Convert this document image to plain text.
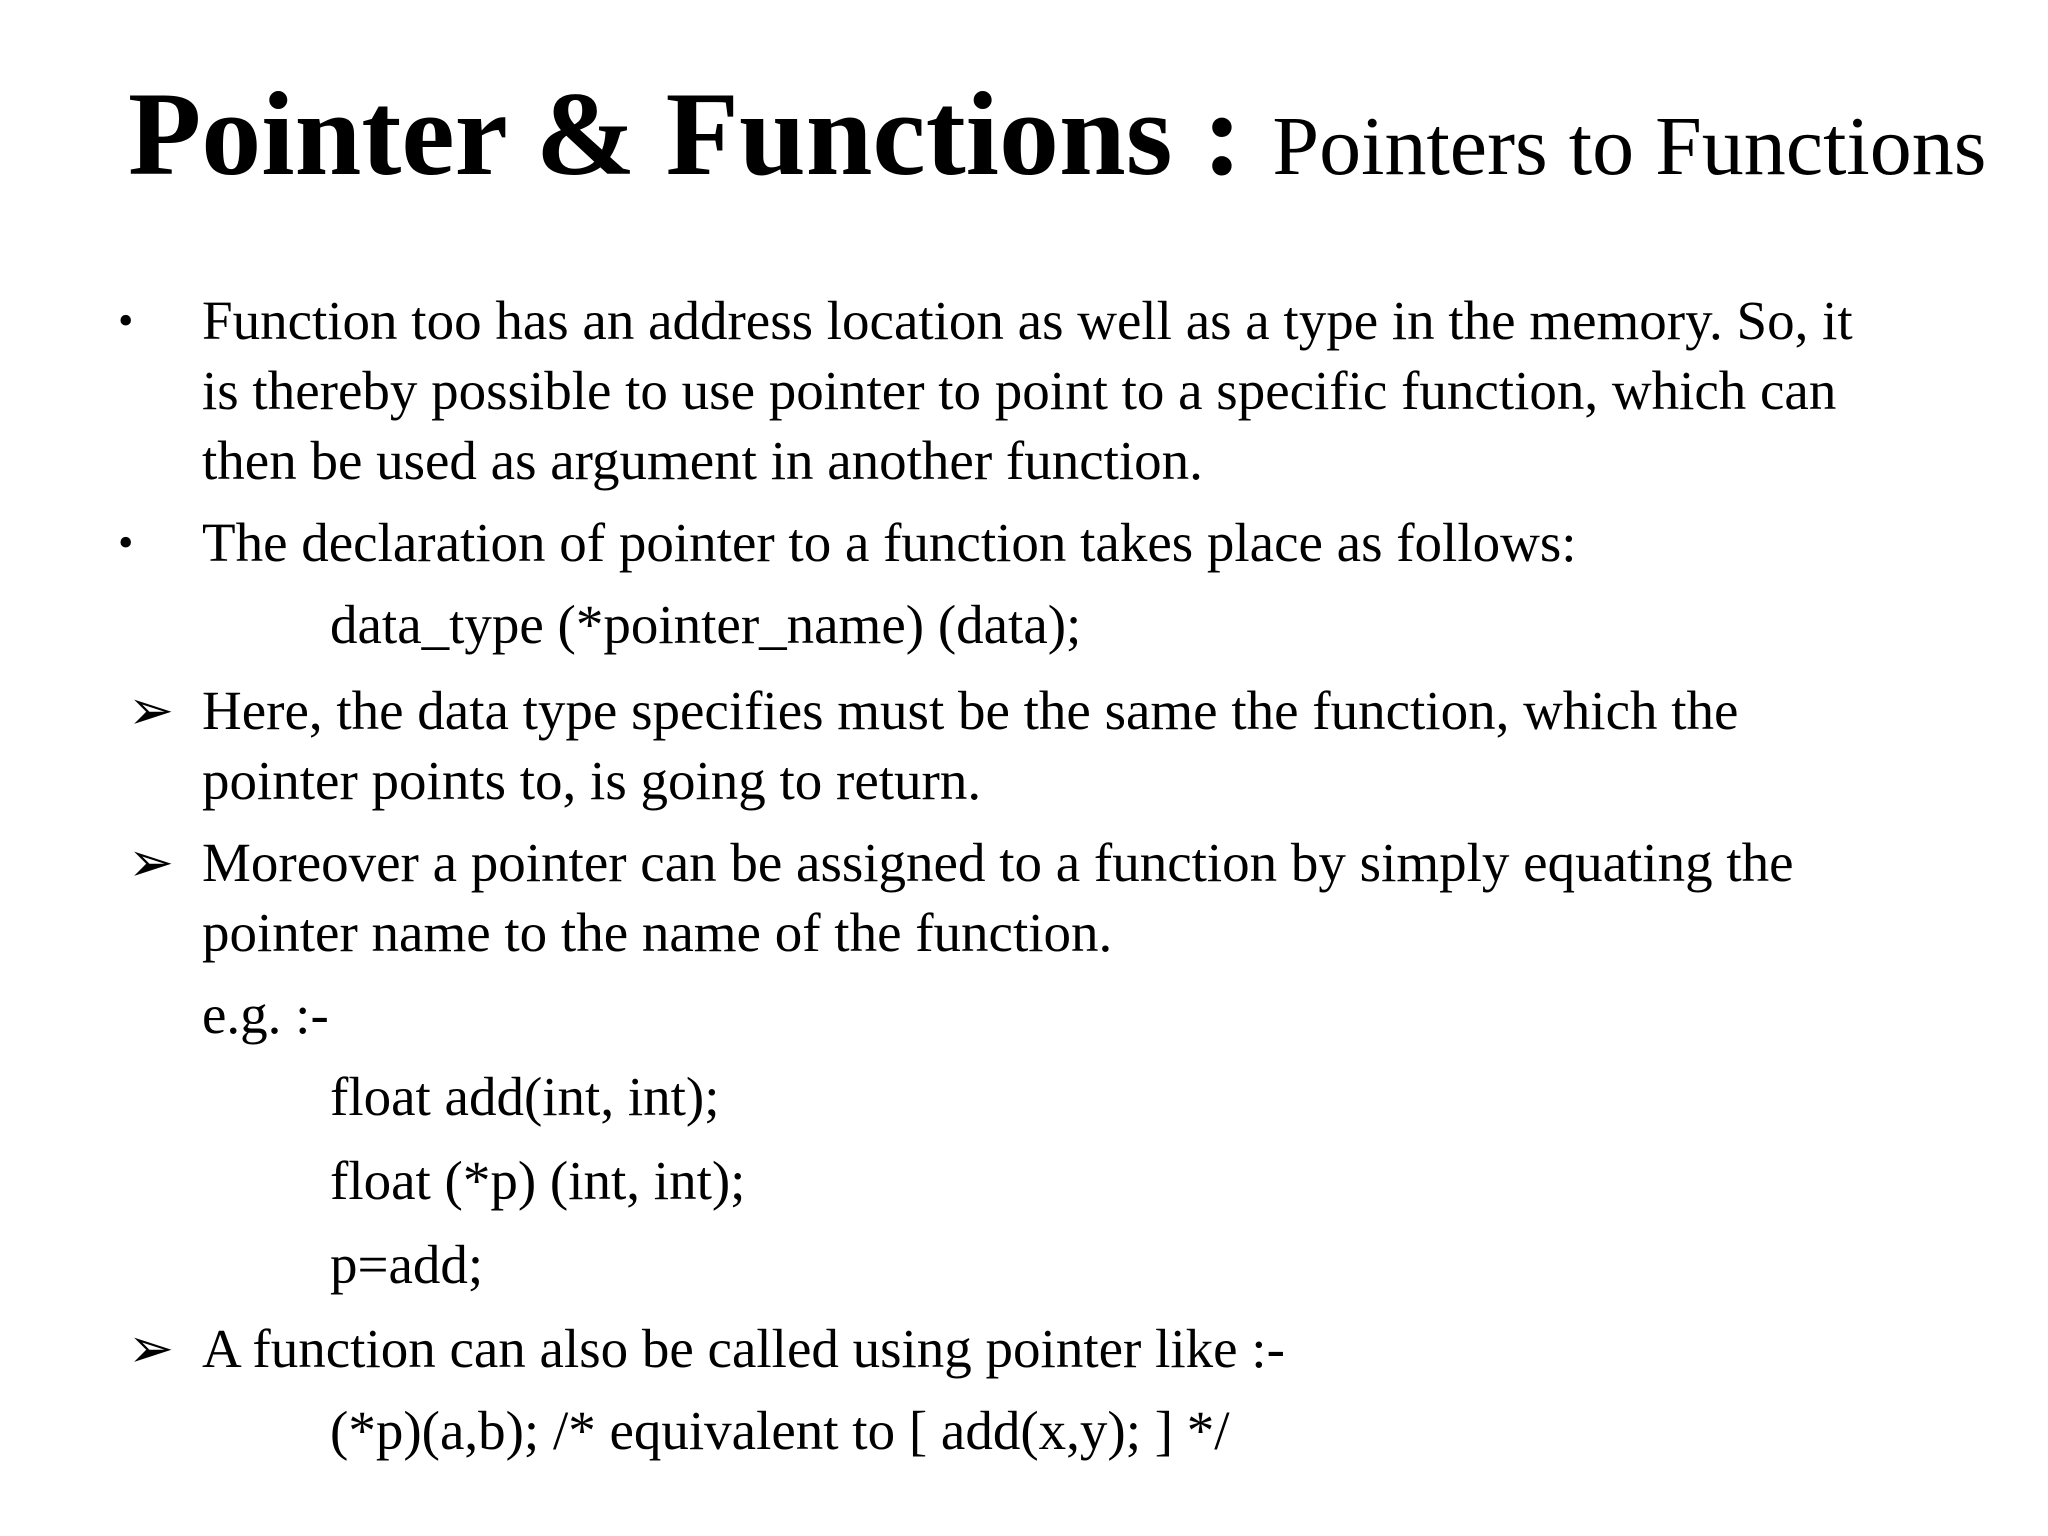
Pointer & Functions : Pointers to Functions
• Function too has an address location as well as a type in the memory. So, it
is thereby possible to use pointer to point to a specific function, which can
then be used as argument in another function.
• The declaration of pointer to a function takes place as follows:
data_type (*pointer_name) (data);
➢ Here, the data type specifies must be the same the function, which the
pointer points to, is going to return.
➢ Moreover a pointer can be assigned to a function by simply equating the
pointer name to the name of the function.
e.g. :-
float add(int, int);
float (*p) (int, int);
p=add;
➢ A function can also be called using pointer like :-
(*p)(a,b); /* equivalent to [ add(x,y); ] */
